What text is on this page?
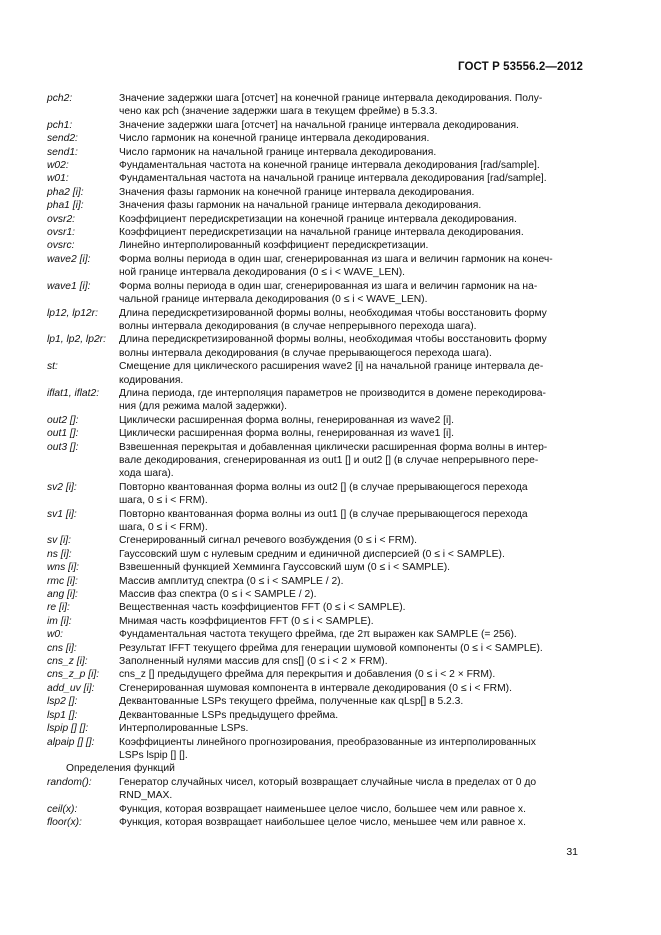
ГОСТ Р 53556.2—2012
pch2:	Значение задержки шага [отсчет] на конечной границе интервала декодирования. Полу-
чено как pch (значение задержки шага в текущем фрейме) в 5.3.3.
pch1:	Значение задержки шага [отсчет] на начальной границе интервала декодирования.
send2:	Число гармоник на конечной границе интервала декодирования.
send1:	Число гармоник на начальной границе интервала декодирования.
w02:	Фундаментальная частота на конечной границе интервала декодирования [rad/sample].
w01:	Фундаментальная частота на начальной границе интервала декодирования [rad/sample].
pha2 [i]:	Значения фазы гармоник на конечной границе интервала декодирования.
pha1 [i]:	Значения фазы гармоник на начальной границе интервала декодирования.
ovsr2:	Коэффициент передискретизации на конечной границе интервала декодирования.
ovsr1:	Коэффициент передискретизации на начальной границе интервала декодирования.
ovsrc:	Линейно интерполированный коэффициент передискретизации.
wave2 [i]:	Форма волны периода в один шаг, сгенерированная из шага и величин гармоник на конеч-
ной границе интервала декодирования (0 ≤ i < WAVE_LEN).
wave1 [i]:	Форма волны периода в один шаг, сгенерированная из шага и величин гармоник на на-
чальной границе интервала декодирования (0 ≤ i < WAVE_LEN).
lp12, lp12r:	Длина передискретизированной формы волны, необходимая чтобы восстановить форму
волны интервала декодирования (в случае непрерывного перехода шага).
lp1, lp2, lp2r:	Длина передискретизированной формы волны, необходимая чтобы восстановить форму
волны интервала декодирования (в случае прерывающегося перехода шага).
st:	Смещение для циклического расширения wave2 [i] на начальной границе интервала де-
кодирования.
iflat1, iflat2:	Длина периода, где интерполяция параметров не производится в домене перекодирова-
ния (для режима малой задержки).
out2 []:	Циклически расширенная форма волны, генерированная из wave2 [i].
out1 []:	Циклически расширенная форма волны, генерированная из wave1 [i].
out3 []:	Взвешенная перекрытая и добавленная циклически расширенная форма волны в интер-
вале декодирования, сгенерированная из out1 [] и out2 [] (в случае непрерывного пере-
хода шага).
sv2 [i]:	Повторно квантованная форма волны из out2 [] (в случае прерывающегося перехода
шага, 0 ≤ i < FRM).
sv1 [i]:	Повторно квантованная форма волны из out1 [] (в случае прерывающегося перехода
шага, 0 ≤ i < FRM).
sv [i]:	Сгенерированный сигнал речевого возбуждения (0 ≤ i < FRM).
ns [i]:	Гауссовский шум с нулевым средним и единичной дисперсией (0 ≤ i < SAMPLE).
wns [i]:	Взвешенный функцией Хемминга Гауссовский шум (0 ≤ i < SAMPLE).
rmc [i]:	Массив амплитуд спектра (0 ≤ i < SAMPLE / 2).
ang [i]:	Массив фаз спектра (0 ≤ i < SAMPLE / 2).
re [i]:	Вещественная часть коэффициентов FFT (0 ≤ i < SAMPLE).
im [i]:	Мнимая часть коэффициентов FFT (0 ≤ i < SAMPLE).
w0:	Фундаментальная частота текущего фрейма, где 2π выражен как SAMPLE (= 256).
cns [i]:	Результат IFFT текущего фрейма для генерации шумовой компоненты (0 ≤ i < SAMPLE).
cns_z [i]:	Заполненный нулями массив для cns[] (0 ≤ i < 2 × FRM).
cns_z_p [i]:	cns_z [] предыдущего фрейма для перекрытия и добавления (0 ≤ i < 2 × FRM).
add_uv [i]:	Сгенерированная шумовая компонента в интервале декодирования (0 ≤ i < FRM).
lsp2 []:	Деквантованные LSPs текущего фрейма, полученные как qLsp[] в 5.2.3.
lsp1 []:	Деквантованные LSPs предыдущего фрейма.
lspip [] []:	Интерполированные LSPs.
alpaip [] []:	Коэффициенты линейного прогнозирования, преобразованные из интерполированных
LSPs lspip [] [].
Определения функций
random():	Генератор случайных чисел, который возвращает случайные числа в пределах от 0 до
RND_MAX.
ceil(x):	Функция, которая возвращает наименьшее целое число, большее чем или равное x.
floor(x):	Функция, которая возвращает наибольшее целое число, меньшее чем или равное x.
31
